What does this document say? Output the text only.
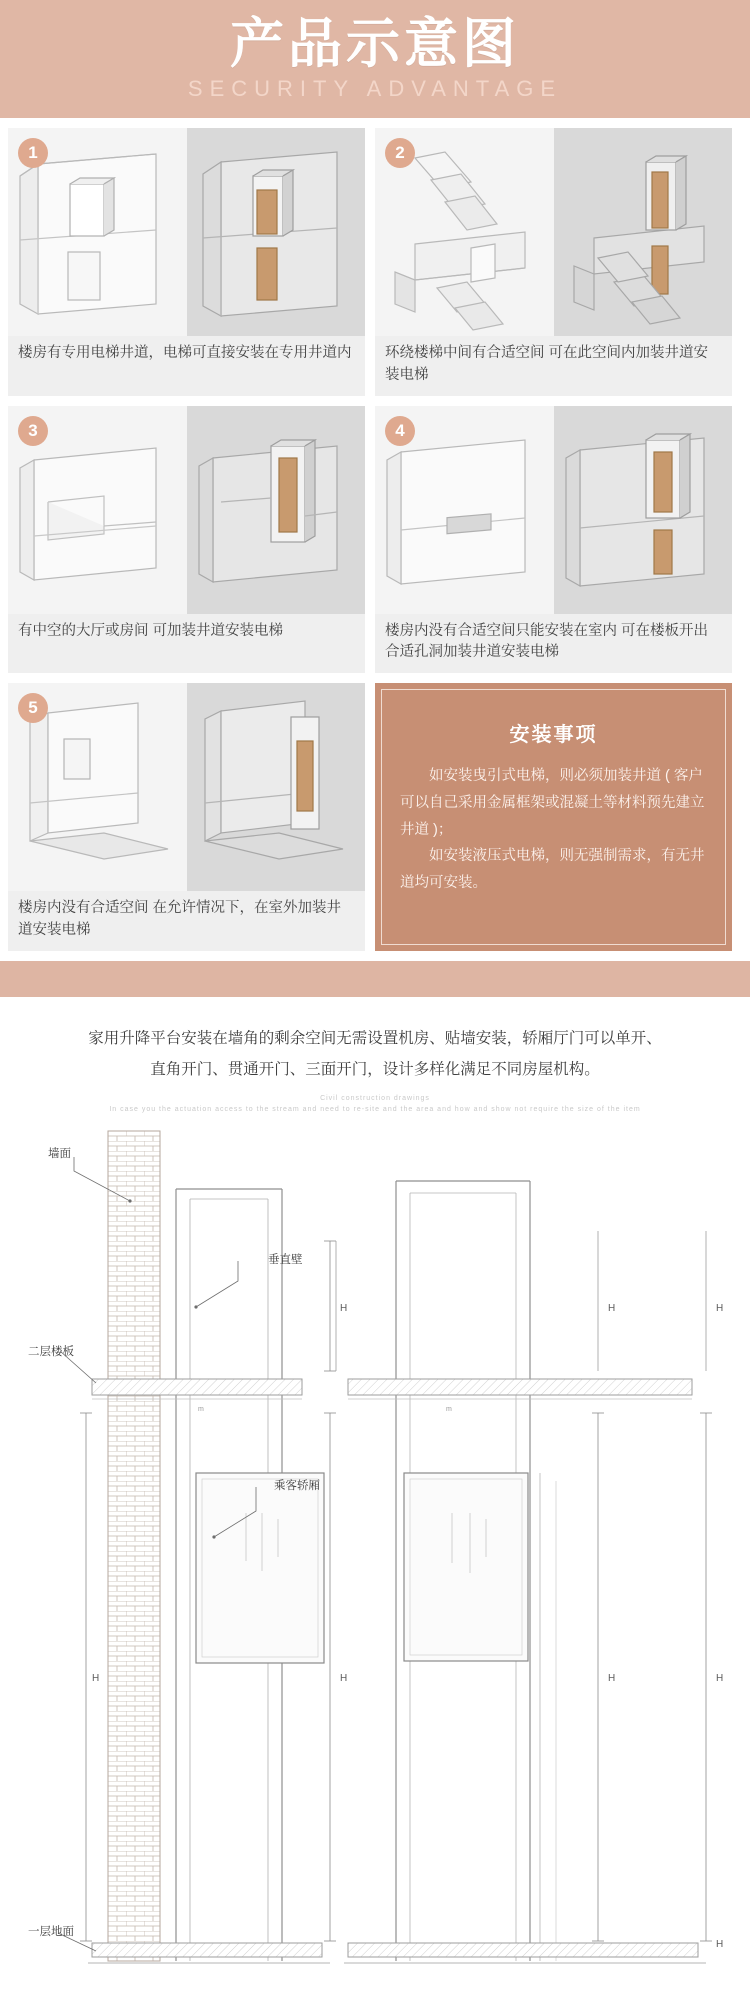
产品示意图
SECURITY ADVANTAGE
1
楼房有专用电梯井道，电梯可直接安装在专用井道内
2
环绕楼梯中间有合适空间 可在此空间内加装井道安装电梯
3
有中空的大厅或房间 可加装井道安装电梯
4
楼房内没有合适空间只能安装在室内 可在楼板开出合适孔洞加装井道安装电梯
5
楼房内没有合适空间 在允许情况下，在室外加装井道安装电梯
安装事项
如安装曳引式电梯，则必须加装井道 ( 客户可以自己采用金属框架或混凝土等材料预先建立井道 )；
如安装液压式电梯，则无强制需求，有无井道均可安装。
家用升降平台安装在墙角的剩余空间无需设置机房、贴墙安装，轿厢厅门可以单开、
直角开门、贯通开门、三面开门，设计多样化满足不同房屋机构。
Civil construction drawings
In case you the actuation access to the stream and need to re-site and the area and how and show not require the size of the item
m	m
H
H	H
H
H	H	H
H
墙面
垂直壁
二层楼板
乘客轿厢
一层地面
